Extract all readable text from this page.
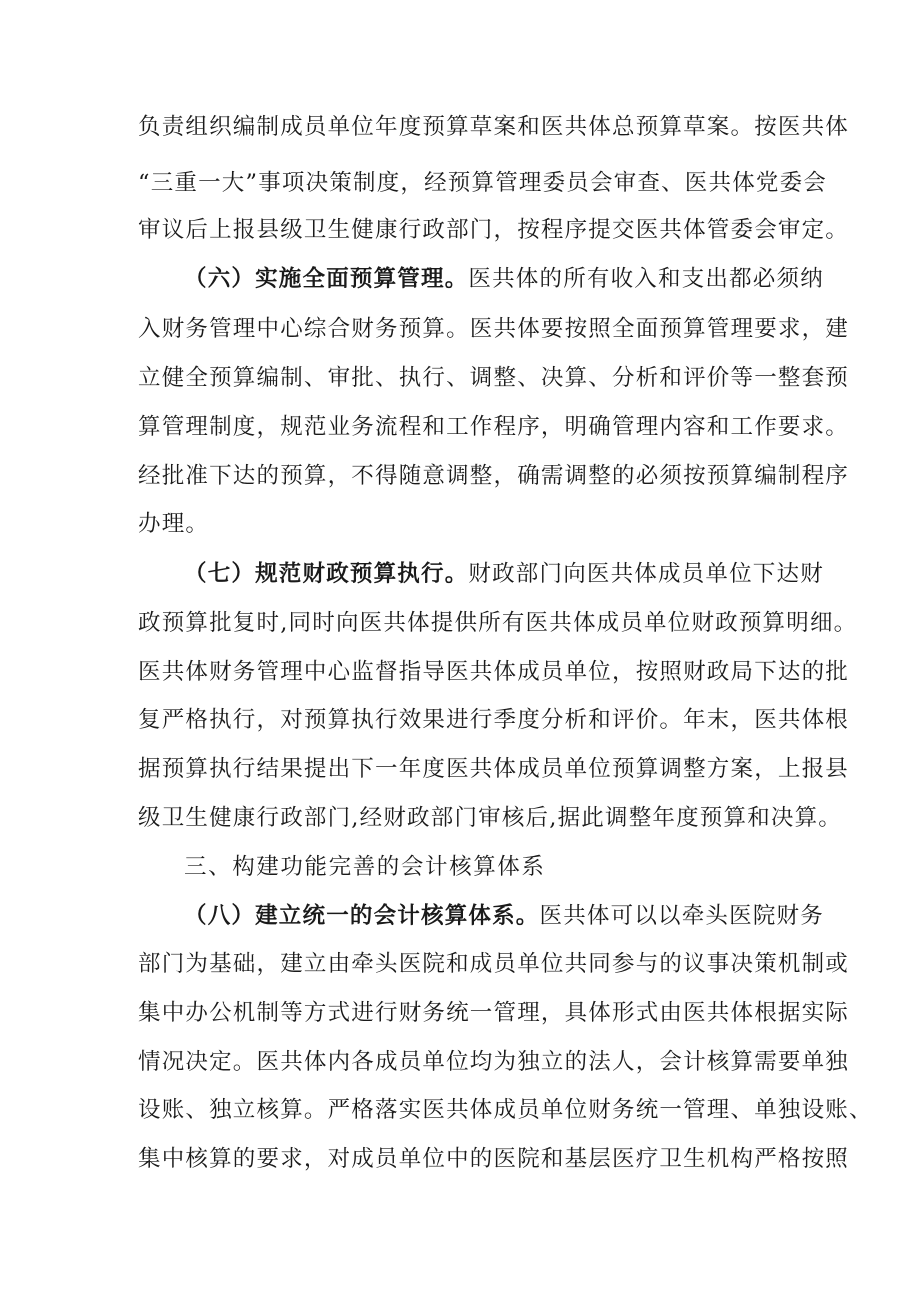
负责组织编制成员单位年度预算草案和医共体总预算草案。按医共体
“三重一大”事项决策制度，经预算管理委员会审查、医共体党委会
审议后上报县级卫生健康行政部门，按程序提交医共体管委会审定。
（六）实施全面预算管理。医共体的所有收入和支出都必须纳
入财务管理中心综合财务预算。医共体要按照全面预算管理要求，建
立健全预算编制、审批、执行、调整、决算、分析和评价等一整套预
算管理制度，规范业务流程和工作程序，明确管理内容和工作要求。
经批准下达的预算，不得随意调整，确需调整的必须按预算编制程序
办理。
（七）规范财政预算执行。财政部门向医共体成员单位下达财
政预算批复时,同时向医共体提供所有医共体成员单位财政预算明细。
医共体财务管理中心监督指导医共体成员单位，按照财政局下达的批
复严格执行，对预算执行效果进行季度分析和评价。年末，医共体根
据预算执行结果提出下一年度医共体成员单位预算调整方案，上报县
级卫生健康行政部门,经财政部门审核后,据此调整年度预算和决算。
三、构建功能完善的会计核算体系
（八）建立统一的会计核算体系。医共体可以以牵头医院财务
部门为基础，建立由牵头医院和成员单位共同参与的议事决策机制或
集中办公机制等方式进行财务统一管理，具体形式由医共体根据实际
情况决定。医共体内各成员单位均为独立的法人，会计核算需要单独
设账、独立核算。严格落实医共体成员单位财务统一管理、单独设账、
集中核算的要求，对成员单位中的医院和基层医疗卫生机构严格按照
